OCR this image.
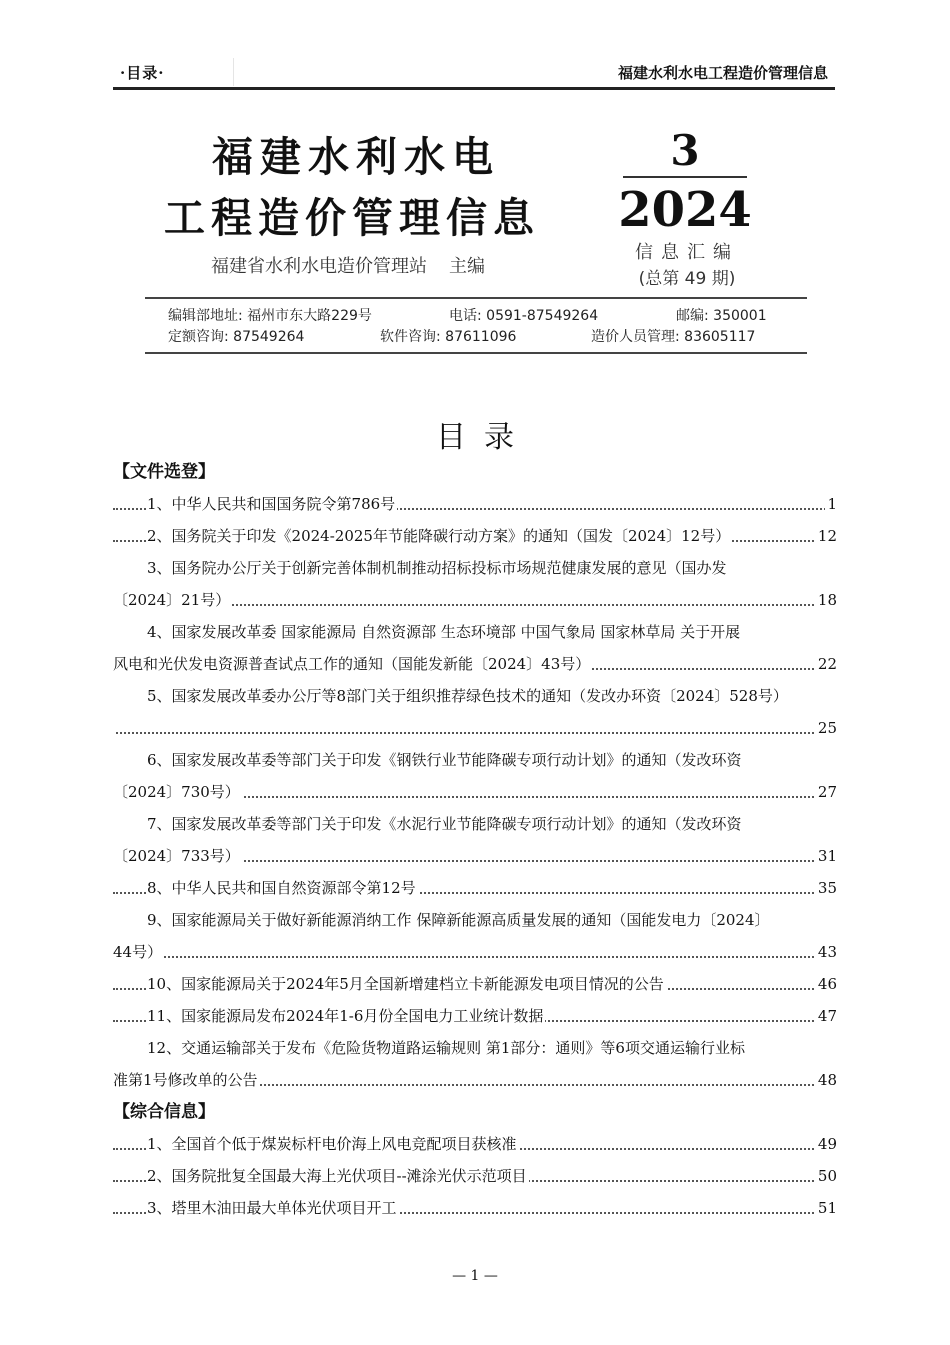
·目录·	福建水利水电工程造价管理信息
福建水利水电
工程造价管理信息
福建省水利水电造价管理站 主编
3
2024
信息汇编
(总第 49 期)
编辑部地址: 福州市东大路229号	电话: 0591-87549264	邮编: 350001
定额咨询: 87549264	软件咨询: 87611096	造价人员管理: 83605117
目录
【文件选登】
1、中华人民共和国国务院令第786号	1
2、国务院关于印发《2024-2025年节能降碳行动方案》的通知（国发〔2024〕12号）	12
3、国务院办公厅关于创新完善体制机制推动招标投标市场规范健康发展的意见（国办发
〔2024〕21号）	18
4、国家发展改革委 国家能源局 自然资源部 生态环境部 中国气象局 国家林草局 关于开展
风电和光伏发电资源普查试点工作的通知（国能发新能〔2024〕43号）	22
5、国家发展改革委办公厅等8部门关于组织推荐绿色技术的通知（发改办环资〔2024〕528号）
25
6、国家发展改革委等部门关于印发《钢铁行业节能降碳专项行动计划》的通知（发改环资
〔2024〕730号）	27
7、国家发展改革委等部门关于印发《水泥行业节能降碳专项行动计划》的通知（发改环资
〔2024〕733号）	31
8、中华人民共和国自然资源部令第12号	35
9、国家能源局关于做好新能源消纳工作 保障新能源高质量发展的通知（国能发电力〔2024〕
44号）	43
10、国家能源局关于2024年5月全国新增建档立卡新能源发电项目情况的公告	46
11、国家能源局发布2024年1-6月份全国电力工业统计数据	47
12、交通运输部关于发布《危险货物道路运输规则 第1部分：通则》等6项交通运输行业标
准第1号修改单的公告	48
【综合信息】
1、全国首个低于煤炭标杆电价海上风电竞配项目获核准	49
2、国务院批复全国最大海上光伏项目--滩涂光伏示范项目	50
3、塔里木油田最大单体光伏项目开工	51
— 1 —
